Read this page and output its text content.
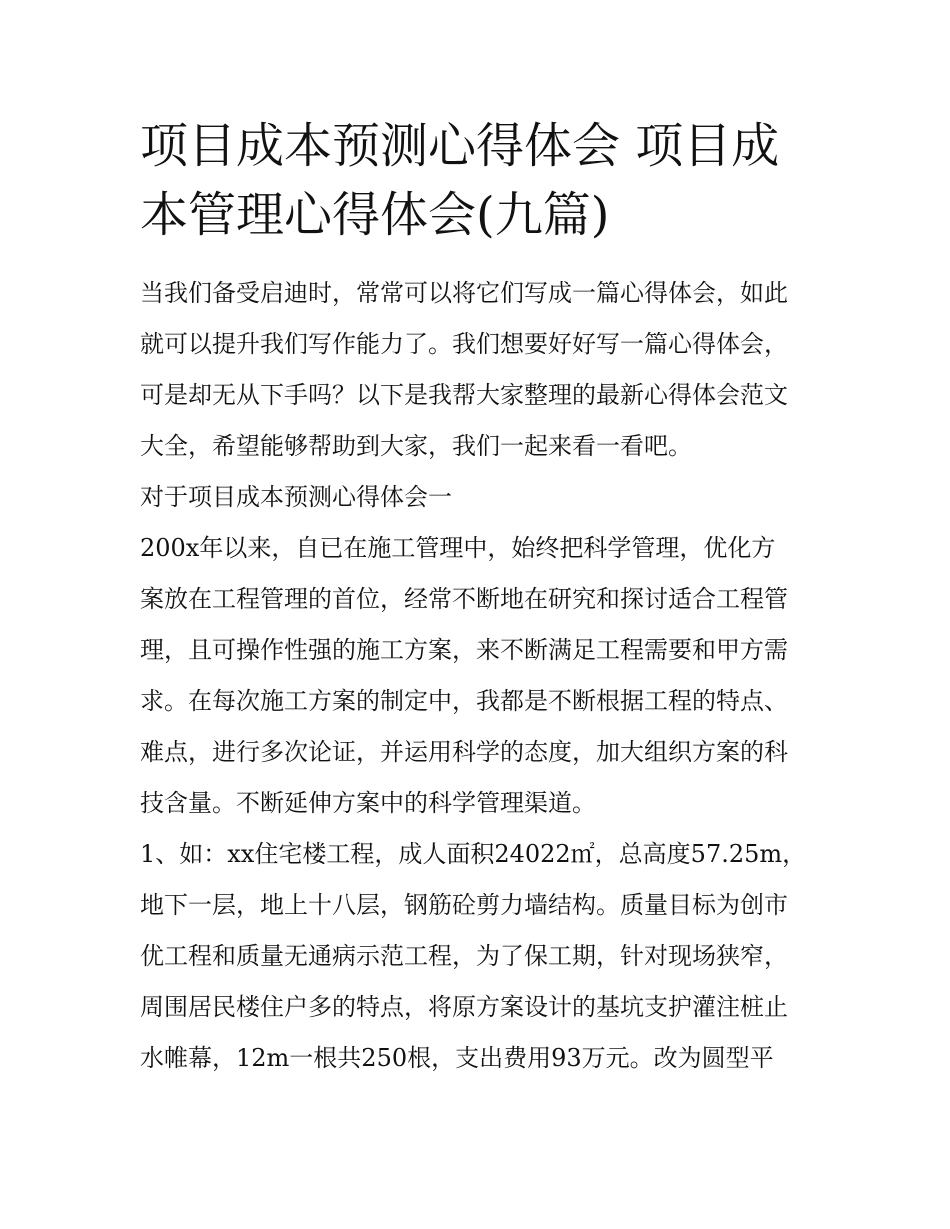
项目成本预测心得体会 项目成
本管理心得体会(九篇)
当我们备受启迪时，常常可以将它们写成一篇心得体会，如此
就可以提升我们写作能力了。我们想要好好写一篇心得体会，
可是却无从下手吗？以下是我帮大家整理的最新心得体会范文
大全，希望能够帮助到大家，我们一起来看一看吧。
对于项目成本预测心得体会一
200x年以来，自已在施工管理中，始终把科学管理，优化方
案放在工程管理的首位，经常不断地在研究和探讨适合工程管
理，且可操作性强的施工方案，来不断满足工程需要和甲方需
求。在每次施工方案的制定中，我都是不断根据工程的特点、
难点，进行多次论证，并运用科学的态度，加大组织方案的科
技含量。不断延伸方案中的科学管理渠道。
1、如：xx住宅楼工程，成人面积24022㎡，总高度57.25m，
地下一层，地上十八层，钢筋砼剪力墙结构。质量目标为创市
优工程和质量无通病示范工程，为了保工期，针对现场狭窄，
周围居民楼住户多的特点，将原方案设计的基坑支护灌注桩止
水帷幕，12m一根共250根，支出费用93万元。改为圆型平
